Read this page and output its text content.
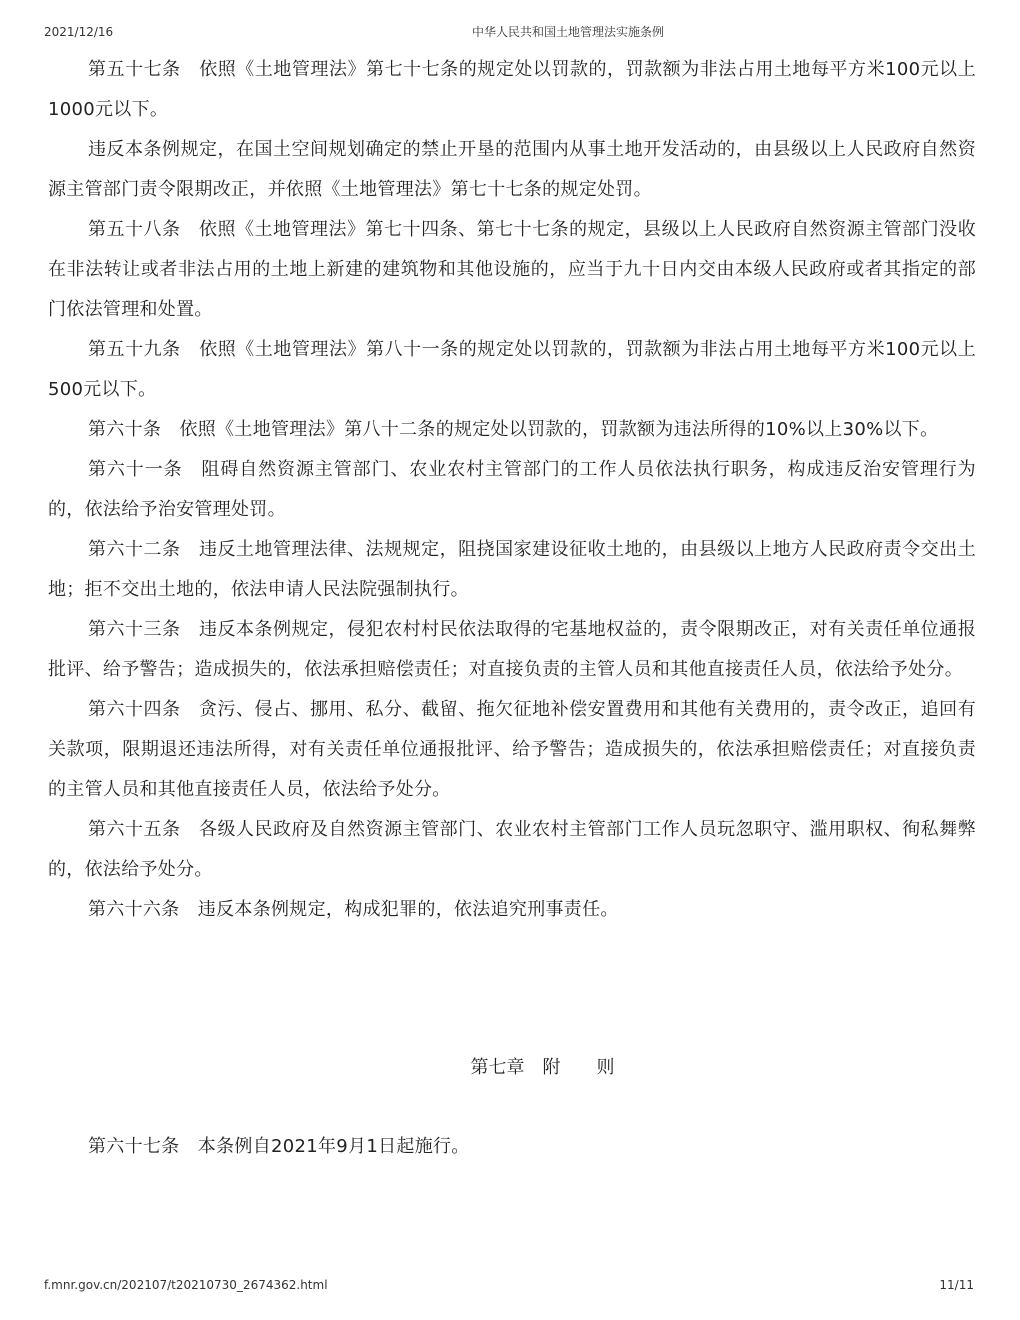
2021/12/16	中华人民共和国土地管理法实施条例

第五十七条　依照《土地管理法》第七十七条的规定处以罚款的，罚款额为非法占用土地每平方米100元以上1000元以下。

违反本条例规定，在国土空间规划确定的禁止开垦的范围内从事土地开发活动的，由县级以上人民政府自然资源主管部门责令限期改正，并依照《土地管理法》第七十七条的规定处罚。

第五十八条　依照《土地管理法》第七十四条、第七十七条的规定，县级以上人民政府自然资源主管部门没收在非法转让或者非法占用的土地上新建的建筑物和其他设施的，应当于九十日内交由本级人民政府或者其指定的部门依法管理和处置。

第五十九条　依照《土地管理法》第八十一条的规定处以罚款的，罚款额为非法占用土地每平方米100元以上500元以下。

第六十条　依照《土地管理法》第八十二条的规定处以罚款的，罚款额为违法所得的10%以上30%以下。

第六十一条　阻碍自然资源主管部门、农业农村主管部门的工作人员依法执行职务，构成违反治安管理行为的，依法给予治安管理处罚。

第六十二条　违反土地管理法律、法规规定，阻挠国家建设征收土地的，由县级以上地方人民政府责令交出土地；拒不交出土地的，依法申请人民法院强制执行。

第六十三条　违反本条例规定，侵犯农村村民依法取得的宅基地权益的，责令限期改正，对有关责任单位通报批评、给予警告；造成损失的，依法承担赔偿责任；对直接负责的主管人员和其他直接责任人员，依法给予处分。

第六十四条　贪污、侵占、挪用、私分、截留、拖欠征地补偿安置费用和其他有关费用的，责令改正，追回有关款项，限期退还违法所得，对有关责任单位通报批评、给予警告；造成损失的，依法承担赔偿责任；对直接负责的主管人员和其他直接责任人员，依法给予处分。

第六十五条　各级人民政府及自然资源主管部门、农业农村主管部门工作人员玩忽职守、滥用职权、徇私舞弊的，依法给予处分。

第六十六条　违反本条例规定，构成犯罪的，依法追究刑事责任。

第七章　附　　则

第六十七条　本条例自2021年9月1日起施行。

f.mnr.gov.cn/202107/t20210730_2674362.html	11/11
